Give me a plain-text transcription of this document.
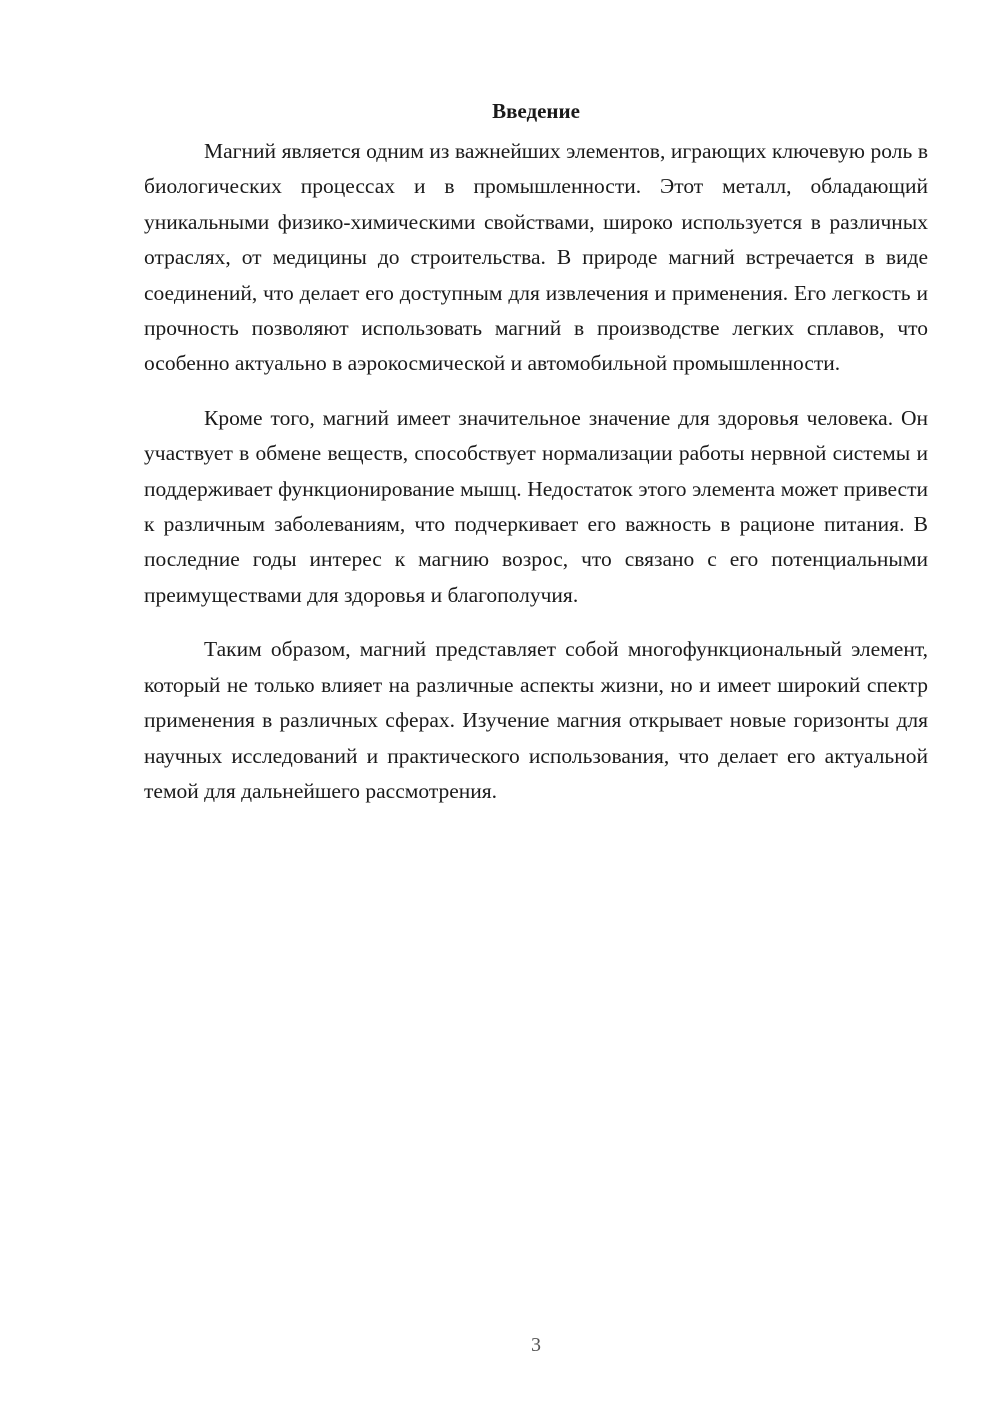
Введение

Магний является одним из важнейших элементов, играющих ключевую роль в биологических процессах и в промышленности. Этот металл, обладающий уникальными физико-химическими свойствами, широко используется в различных отраслях, от медицины до строительства. В природе магний встречается в виде соединений, что делает его доступным для извлечения и применения. Его легкость и прочность позволяют использовать магний в производстве легких сплавов, что особенно актуально в аэрокосмической и автомобильной промышленности.

Кроме того, магний имеет значительное значение для здоровья человека. Он участвует в обмене веществ, способствует нормализации работы нервной системы и поддерживает функционирование мышц. Недостаток этого элемента может привести к различным заболеваниям, что подчеркивает его важность в рационе питания. В последние годы интерес к магнию возрос, что связано с его потенциальными преимуществами для здоровья и благополучия.

Таким образом, магний представляет собой многофункциональный элемент, который не только влияет на различные аспекты жизни, но и имеет широкий спектр применения в различных сферах. Изучение магния открывает новые горизонты для научных исследований и практического использования, что делает его актуальной темой для дальнейшего рассмотрения.

3
